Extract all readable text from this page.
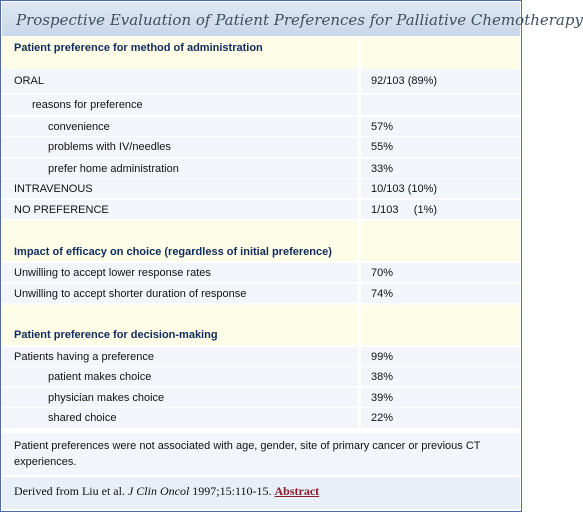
Prospective Evaluation of Patient Preferences for Palliative Chemotherapy
Patient preference for method of administration
ORAL	92/103 (89%)
reasons for preference
convenience	57%
problems with IV/needles	55%
prefer home administration	33%
INTRAVENOUS	10/103 (10%)
NO PREFERENCE	1/103     (1%)
Impact of efficacy on choice (regardless of initial preference)
Unwilling to accept lower response rates	70%
Unwilling to accept shorter duration of response	74%
Patient preference for decision-making
Patients having a preference	99%
patient makes choice	38%
physician makes choice	39%
shared choice	22%
Patient preferences were not associated with age, gender, site of primary cancer or previous CT experiences.
Derived from Liu et al. J Clin Oncol 1997;15:110-15. Abstract
